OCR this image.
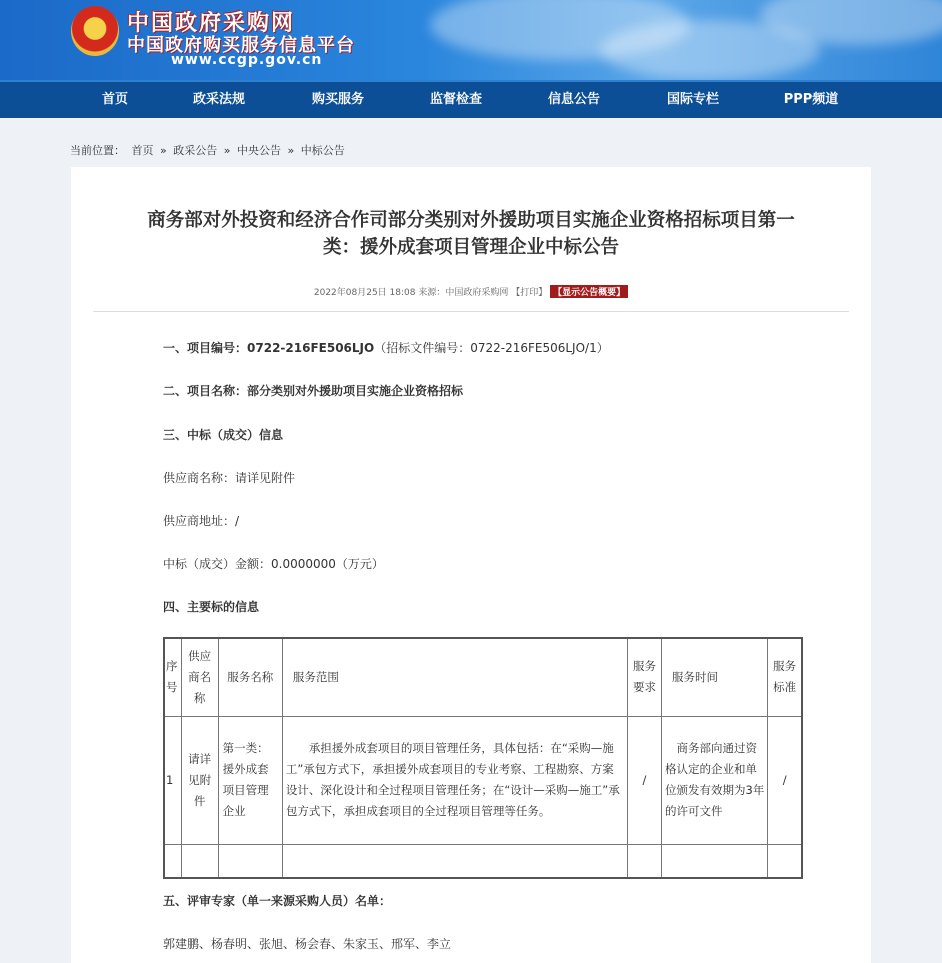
★ 中国政府采购网
中国政府购买服务信息平台
www.ccgp.gov.cn
首页	政采法规	购买服务	监督检查	信息公告	国际专栏	PPP频道
当前位置： 首页 » 政采公告 » 中央公告 » 中标公告
商务部对外投资和经济合作司部分类别对外援助项目实施企业资格招标项目第一
类：援外成套项目管理企业中标公告
2022年08月25日 18:08 来源：中国政府采购网 【打印】 【显示公告概要】
一、项目编号：0722-216FE506LJO（招标文件编号：0722-216FE506LJO/1）
二、项目名称：部分类别对外援助项目实施企业资格招标
三、中标（成交）信息
供应商名称：请详见附件
供应商地址：/
中标（成交）金额：0.0000000（万元）
四、主要标的信息
序号	供应商名称	服务名称	服务范围	服务要求	服务时间	服务标准
1	请详见附件	第一类：援外成套项目管理企业	承担援外成套项目的项目管理任务，具体包括：在“采购—施工”承包方式下，承担援外成套项目的专业考察、工程勘察、方案设计、深化设计和全过程项目管理任务；在“设计—采购—施工”承包方式下，承担成套项目的全过程项目管理等任务。	/	商务部向通过资格认定的企业和单位颁发有效期为3年的许可文件	/

五、评审专家（单一来源采购人员）名单：
郭建鹏、杨春明、张旭、杨会春、朱家玉、邢军、李立
